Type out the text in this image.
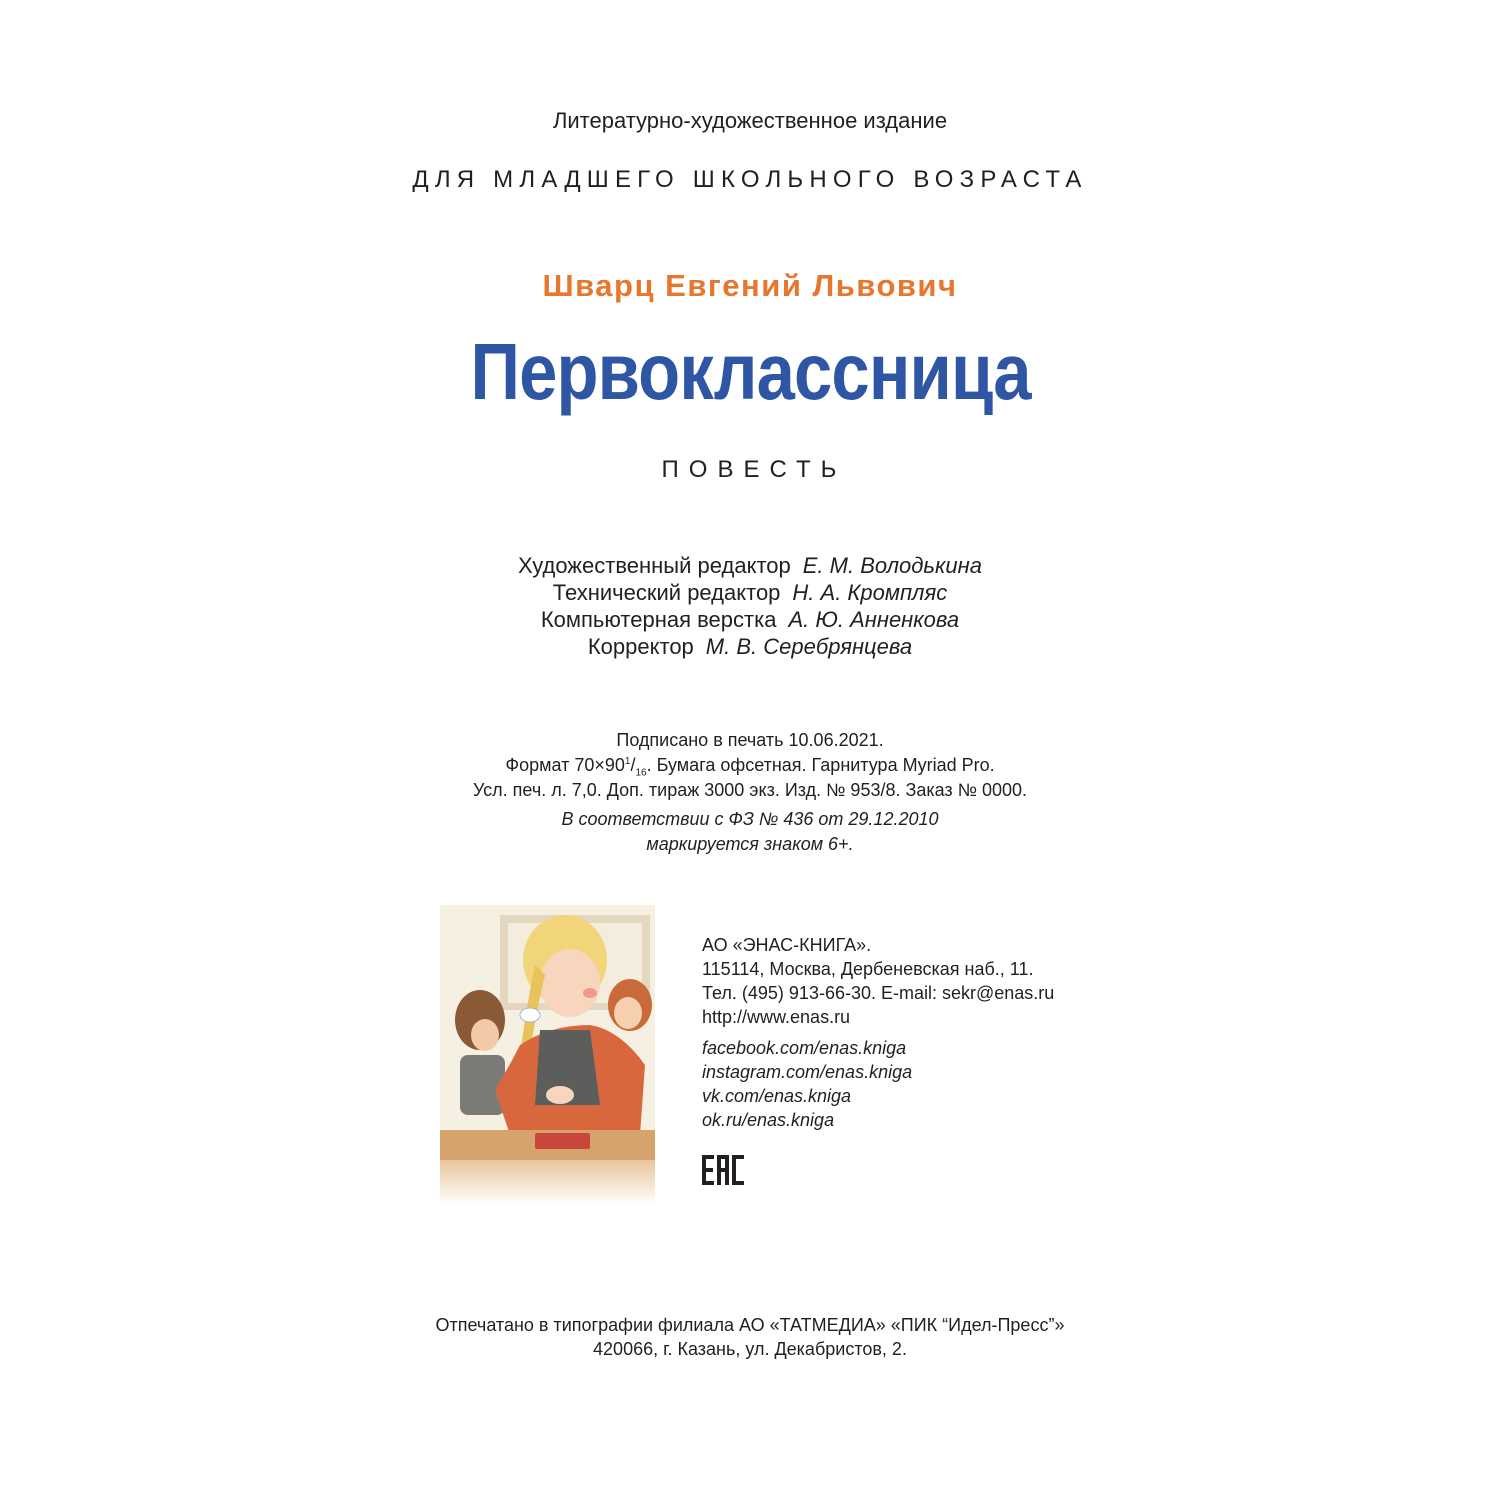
Литературно-художественное издание
ДЛЯ МЛАДШЕГО ШКОЛЬНОГО ВОЗРАСТА
Шварц Евгений Львович
Первоклассница
ПОВЕСТЬ
Художественный редактор Е. М. Володькина
Технический редактор Н. А. Кромпляс
Компьютерная верстка А. Ю. Анненкова
Корректор М. В. Серебрянцева
Подписано в печать 10.06.2021.
Формат $70\times 90^1/_{16}$. Бумага офсетная. Гарнитура Myriad Pro.
Усл. печ. л. 7,0. Доп. тираж 3000 экз. Изд. № 953/8. Заказ № 0000.
В соответствии с ФЗ № 436 от 29.12.2010
маркируется знаком 6+.
АО «ЭНАС-КНИГА».
115114, Москва, Дербеневская наб., 11.
Тел. (495) 913-66-30. E-mail: sekr@enas.ru
http://www.enas.ru
facebook.com/enas.kniga
instagram.com/enas.kniga
vk.com/enas.kniga
ok.ru/enas.kniga
Отпечатано в типографии филиала АО «ТАТМЕДИА» «ПИК “Идел-Пресс”»
420066, г. Казань, ул. Декабристов, 2.
